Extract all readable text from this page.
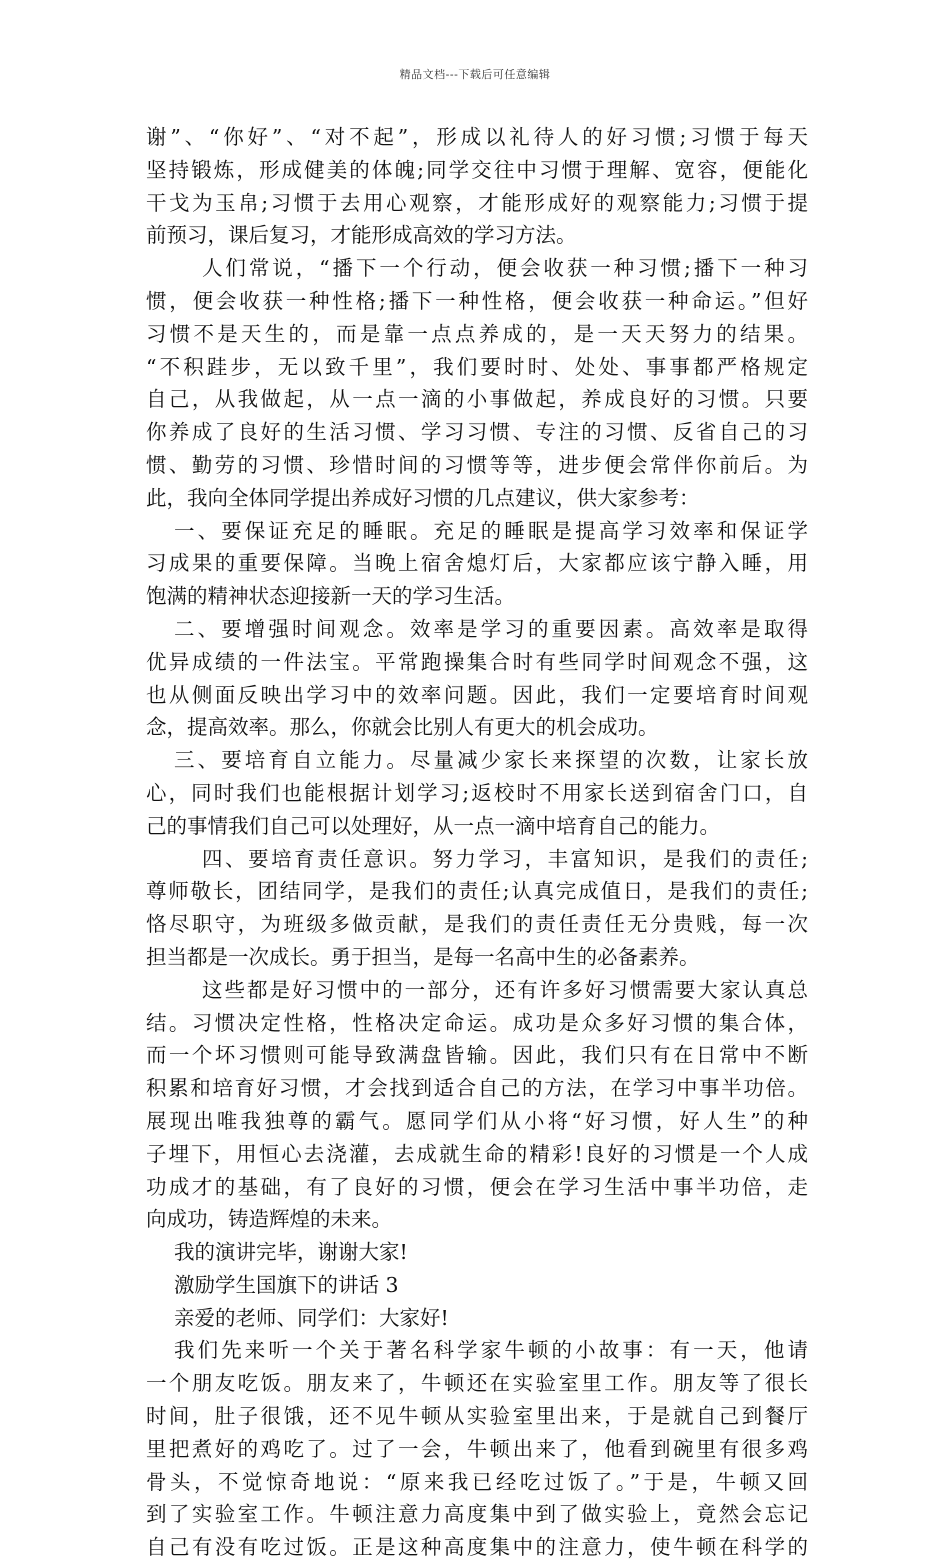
精品文档---下载后可任意编辑
谢”、“你好”、“对不起”，形成以礼待人的好习惯;习惯于每天
坚持锻炼，形成健美的体魄;同学交往中习惯于理解、宽容，便能化
干戈为玉帛;习惯于去用心观察，才能形成好的观察能力;习惯于提
前预习，课后复习，才能形成高效的学习方法。
人们常说，“播下一个行动，便会收获一种习惯;播下一种习
惯，便会收获一种性格;播下一种性格，便会收获一种命运。”但好
习惯不是天生的，而是靠一点点养成的，是一天天努力的结果。
“不积跬步，无以致千里”，我们要时时、处处、事事都严格规定
自己，从我做起，从一点一滴的小事做起，养成良好的习惯。只要
你养成了良好的生活习惯、学习习惯、专注的习惯、反省自己的习
惯、勤劳的习惯、珍惜时间的习惯等等，进步便会常伴你前后。为
此，我向全体同学提出养成好习惯的几点建议，供大家参考：
一、要保证充足的睡眠。充足的睡眠是提高学习效率和保证学
习成果的重要保障。当晚上宿舍熄灯后，大家都应该宁静入睡，用
饱满的精神状态迎接新一天的学习生活。
二、要增强时间观念。效率是学习的重要因素。高效率是取得
优异成绩的一件法宝。平常跑操集合时有些同学时间观念不强，这
也从侧面反映出学习中的效率问题。因此，我们一定要培育时间观
念，提高效率。那么，你就会比别人有更大的机会成功。
三、要培育自立能力。尽量减少家长来探望的次数，让家长放
心，同时我们也能根据计划学习;返校时不用家长送到宿舍门口，自
己的事情我们自己可以处理好，从一点一滴中培育自己的能力。
四、要培育责任意识。努力学习，丰富知识，是我们的责任;
尊师敬长，团结同学，是我们的责任;认真完成值日，是我们的责任;
恪尽职守，为班级多做贡献，是我们的责任责任无分贵贱，每一次
担当都是一次成长。勇于担当，是每一名高中生的必备素养。
这些都是好习惯中的一部分，还有许多好习惯需要大家认真总
结。习惯决定性格，性格决定命运。成功是众多好习惯的集合体，
而一个坏习惯则可能导致满盘皆输。因此，我们只有在日常中不断
积累和培育好习惯，才会找到适合自己的方法，在学习中事半功倍。
展现出唯我独尊的霸气。愿同学们从小将“好习惯，好人生”的种
子埋下，用恒心去浇灌，去成就生命的精彩!良好的习惯是一个人成
功成才的基础，有了良好的习惯，便会在学习生活中事半功倍，走
向成功，铸造辉煌的未来。
我的演讲完毕，谢谢大家!
激励学生国旗下的讲话 3
亲爱的老师、同学们：大家好!
我们先来听一个关于著名科学家牛顿的小故事：有一天，他请
一个朋友吃饭。朋友来了，牛顿还在实验室里工作。朋友等了很长
时间，肚子很饿，还不见牛顿从实验室里出来，于是就自己到餐厅
里把煮好的鸡吃了。过了一会，牛顿出来了，他看到碗里有很多鸡
骨头，不觉惊奇地说：“原来我已经吃过饭了。”于是，牛顿又回
到了实验室工作。牛顿注意力高度集中到了做实验上，竟然会忘记
自己有没有吃过饭。正是这种高度集中的注意力，使牛顿在科学的
